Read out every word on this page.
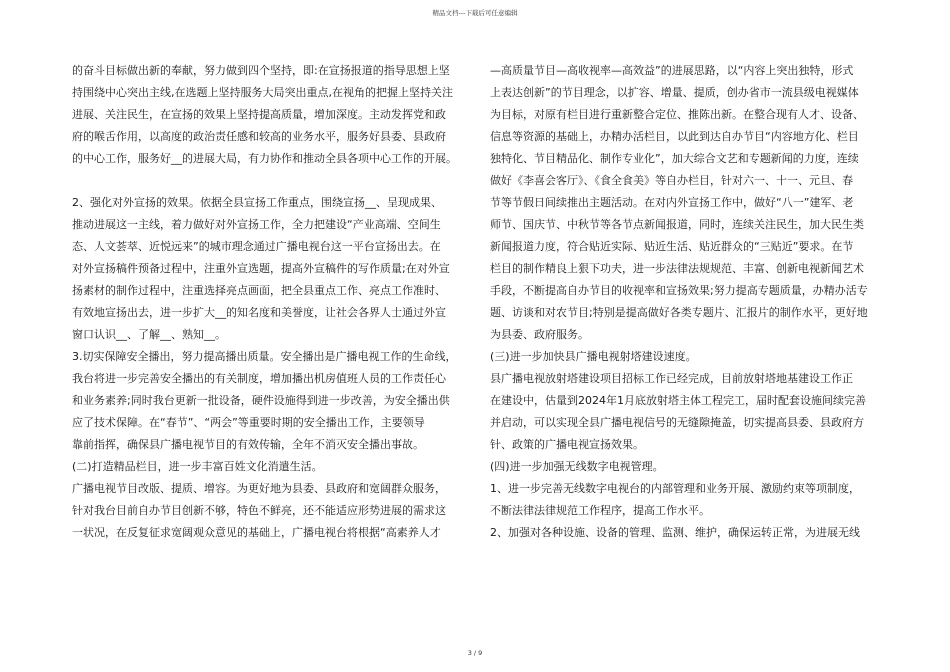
精品文档---下载后可任意编辑

的奋斗目标做出新的奉献，努力做到四个坚持，即:在宣扬报道的指导思想上坚

持围绕中心突出主线,在选题上坚持服务大局突出重点,在视角的把握上坚持关注

进展、关注民生，在宣扬的效果上坚持提高质量，增加深度。主动发挥党和政

府的喉舌作用，以高度的政治责任感和较高的业务水平，服务好县委、县政府

的中心工作，服务好__的进展大局，有力协作和推动全县各项中心工作的开展。

2、强化对外宣扬的效果。依据全县宣扬工作重点，围绕宣扬__、呈现成果、

推动进展这一主线，着力做好对外宣扬工作，全力把建设“产业高端、空间生

态、人文荟萃、近悦远来”的城市理念通过广播电视台这一平台宣扬出去。在

对外宣扬稿件预备过程中，注重外宣选题，提高外宣稿件的写作质量;在对外宣

扬素材的制作过程中，注重选择亮点画面，把全县重点工作、亮点工作准时、

有效地宣扬出去，进一步扩大__的知名度和美誉度，让社会各界人士通过外宣

窗口认识__、了解__、熟知__。

3.切实保障安全播出，努力提高播出质量。安全播出是广播电视工作的生命线，

我台将进一步完善安全播出的有关制度，增加播出机房值班人员的工作责任心

和业务素养;同时我台更新一批设备，硬件设施得到进一步改善，为安全播出供

应了技术保障。在“春节”、“两会”等重要时期的安全播出工作，主要领导

靠前指挥，确保县广播电视节目的有效传输，全年不消灭安全播出事故。

(二)打造精品栏目，进一步丰富百姓文化消遣生活。

广播电视节目改版、提质、增容。为更好地为县委、县政府和宽阔群众服务，

针对我台目前自办节目创新不够，特色不鲜亮，还不能适应形势进展的需求这

一状况，在反复征求宽阔观众意见的基础上，广播电视台将根据“高素养人才

—高质量节目—高收视率—高效益”的进展思路，以“内容上突出独特，形式

上表达创新”的节目理念，以扩容、增量、提质，创办省市一流县级电视媒体

为目标，对原有栏目进行重新整合定位、推陈出新。在整合现有人才、设备、

信息等资源的基础上，办精办活栏目，以此到达自办节目“内容地方化、栏目

独特化、节目精品化、制作专业化”，加大综合文艺和专题新闻的力度，连续

做好《李喜会客厅》、《食全食美》等自办栏目，针对六一、十一、元旦、春

节等节假日间续推出主题活动。在对内外宣扬工作中，做好“八一”建军、老

师节、国庆节、中秋节等各节点新闻报道，同时，连续关注民生，加大民生类

新闻报道力度，符合贴近实际、贴近生活、贴近群众的“三贴近”要求。在节

栏目的制作精良上狠下功夫，进一步法律法规规范、丰富、创新电视新闻艺术

手段，不断提高自办节目的收视率和宣扬效果;努力提高专题质量，办精办活专

题、访谈和对农节目;特别是提高做好各类专题片、汇报片的制作水平，更好地

为县委、政府服务。

(三)进一步加快县广播电视射塔建设速度。

县广播电视放射塔建设项目招标工作已经完成，目前放射塔地基建设工作正

在建设中，估量到2024年1月底放射塔主体工程完工，届时配套设施间续完善

并启动，可以实现全县广播电视信号的无缝隙掩盖，切实提高县委、县政府方

针、政策的广播电视宣扬效果。

(四)进一步加强无线数字电视管理。

1、进一步完善无线数字电视台的内部管理和业务开展、激励约束等项制度，

不断法律法律规范工作程序，提高工作水平。

2、加强对各种设施、设备的管理、监测、维护，确保运转正常，为进展无线

3 / 9
